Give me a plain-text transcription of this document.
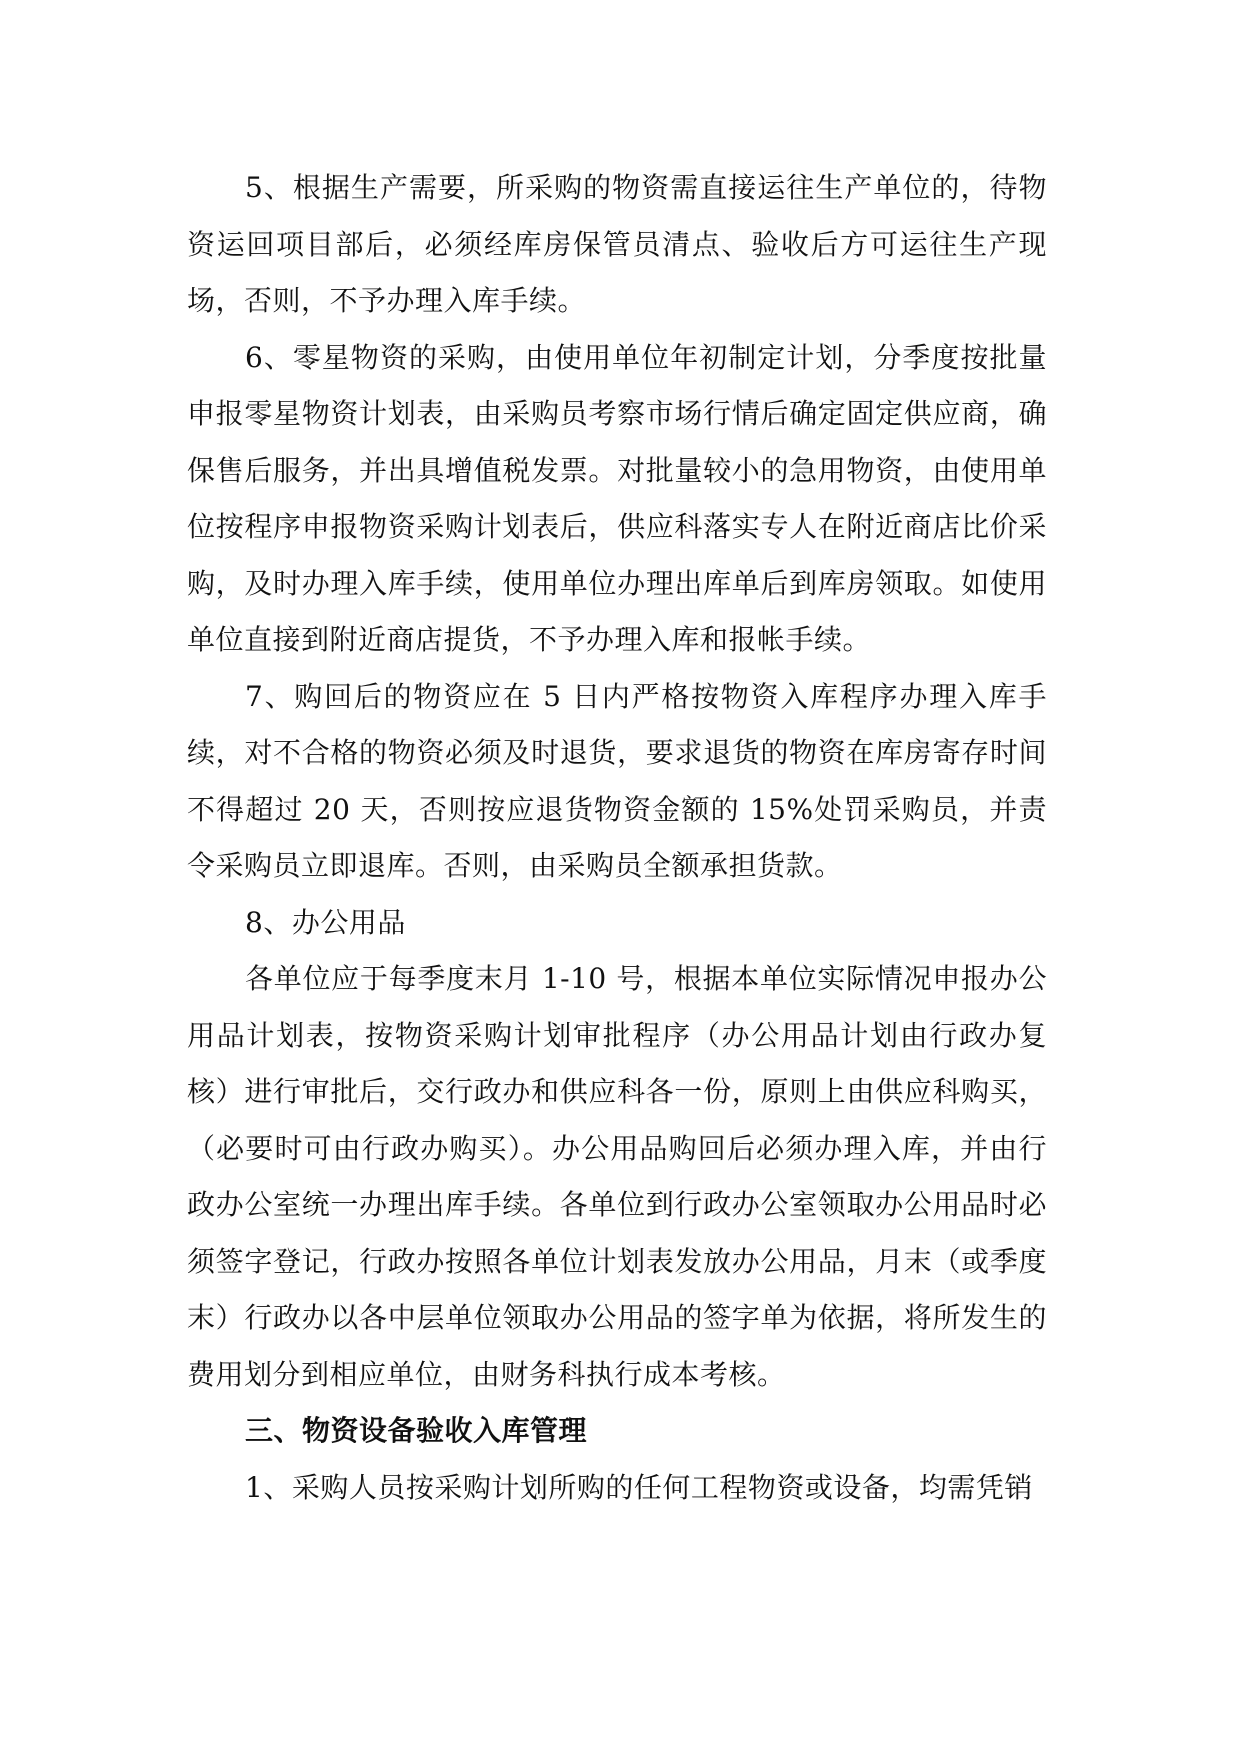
5、根据生产需要，所采购的物资需直接运往生产单位的，待物资运回项目部后，必须经库房保管员清点、验收后方可运往生产现场，否则，不予办理入库手续。

6、零星物资的采购，由使用单位年初制定计划，分季度按批量申报零星物资计划表，由采购员考察市场行情后确定固定供应商，确保售后服务，并出具增值税发票。对批量较小的急用物资，由使用单位按程序申报物资采购计划表后，供应科落实专人在附近商店比价采购，及时办理入库手续，使用单位办理出库单后到库房领取。如使用单位直接到附近商店提货，不予办理入库和报帐手续。

7、购回后的物资应在 5 日内严格按物资入库程序办理入库手续，对不合格的物资必须及时退货，要求退货的物资在库房寄存时间不得超过 20 天，否则按应退货物资金额的 15%处罚采购员，并责令采购员立即退库。否则，由采购员全额承担货款。

8、办公用品

各单位应于每季度末月 1-10 号，根据本单位实际情况申报办公用品计划表，按物资采购计划审批程序（办公用品计划由行政办复核）进行审批后，交行政办和供应科各一份，原则上由供应科购买，（必要时可由行政办购买）。办公用品购回后必须办理入库，并由行政办公室统一办理出库手续。各单位到行政办公室领取办公用品时必须签字登记，行政办按照各单位计划表发放办公用品，月末（或季度末）行政办以各中层单位领取办公用品的签字单为依据，将所发生的费用划分到相应单位，由财务科执行成本考核。

三、物资设备验收入库管理

1、采购人员按采购计划所购的任何工程物资或设备，均需凭销
